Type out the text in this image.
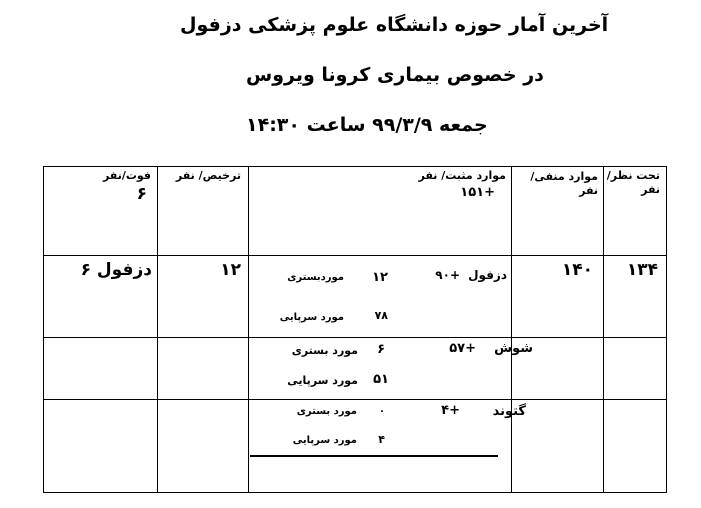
آخرین آمار حوزه دانشگاه علوم پزشکی دزفول
در خصوص بیماری کرونا ویروس
جمعه ۹۹/۳/۹ ساعت ۱۴:۳۰
تحت نظر/ نفر
موارد منفی/ نفر
موارد مثبت/ نفر
۱۵۱+
ترخیص/ نفر
فوت/نفر
۶
۱۳۴
۱۴۰
۱۲
دزفول ۶	دزفول
۹۰+
۱۲
موردبستری
۷۸
مورد سرپایی
شوش
۵۷+
۶
مورد بستری
۵۱
مورد سرپایی
گتوند
۴+
۰
مورد بستری
۴
مورد سرپایی
